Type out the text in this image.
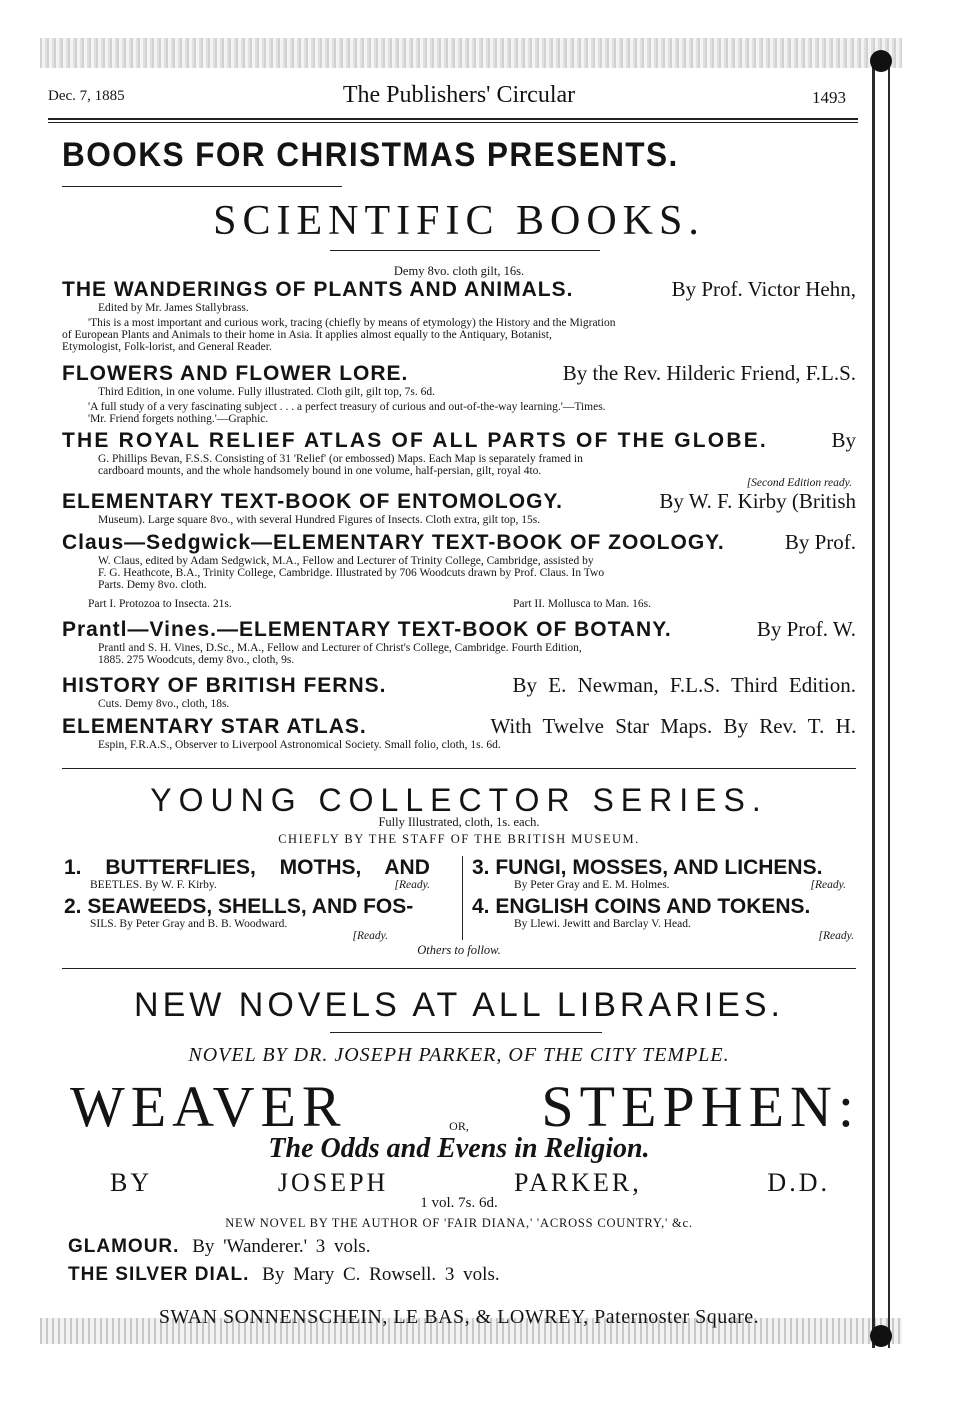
Dec. 7, 1885	The Publishers' Circular	1493
BOOKS FOR CHRISTMAS PRESENTS.
SCIENTIFIC BOOKS.
Demy 8vo. cloth gilt, 16s.
THE WANDERINGS OF PLANTS AND ANIMALS.	By Prof. Victor Hehn,
Edited by Mr. James Stallybrass.
'This is a most important and curious work, tracing (chiefly by means of etymology) the History and the Migration
of European Plants and Animals to their home in Asia. It applies almost equally to the Antiquary, Botanist,
Etymologist, Folk-lorist, and General Reader.
FLOWERS AND FLOWER LORE.	By the Rev. Hilderic Friend, F.L.S.
Third Edition, in one volume. Fully illustrated. Cloth gilt, gilt top, 7s. 6d.
'A full study of a very fascinating subject . . . a perfect treasury of curious and out-of-the-way learning.'—Times.
'Mr. Friend forgets nothing.'—Graphic.
THE ROYAL RELIEF ATLAS OF ALL PARTS OF THE GLOBE.	By
G. Phillips Bevan, F.S.S. Consisting of 31 'Relief' (or embossed) Maps. Each Map is separately framed in
cardboard mounts, and the whole handsomely bound in one volume, half-persian, gilt, royal 4to.
[Second Edition ready.
ELEMENTARY TEXT-BOOK OF ENTOMOLOGY.	By W. F. Kirby (British
Museum). Large square 8vo., with several Hundred Figures of Insects. Cloth extra, gilt top, 15s.
Claus—Sedgwick—ELEMENTARY TEXT-BOOK OF ZOOLOGY.	By Prof.
W. Claus, edited by Adam Sedgwick, M.A., Fellow and Lecturer of Trinity College, Cambridge, assisted by
F. G. Heathcote, B.A., Trinity College, Cambridge. Illustrated by 706 Woodcuts drawn by Prof. Claus. In Two
Parts. Demy 8vo. cloth.
Part I. Protozoa to Insecta. 21s.	Part II. Mollusca to Man. 16s.
Prantl—Vines.—ELEMENTARY TEXT-BOOK OF BOTANY.	By Prof. W.
Prantl and S. H. Vines, D.Sc., M.A., Fellow and Lecturer of Christ's College, Cambridge. Fourth Edition,
1885. 275 Woodcuts, demy 8vo., cloth, 9s.
HISTORY OF BRITISH FERNS.	By E. Newman, F.L.S. Third Edition.
Cuts. Demy 8vo., cloth, 18s.
ELEMENTARY STAR ATLAS.	With Twelve Star Maps. By Rev. T. H.
Espin, F.R.A.S., Observer to Liverpool Astronomical Society. Small folio, cloth, 1s. 6d.
YOUNG COLLECTOR SERIES.
Fully Illustrated, cloth, 1s. each.
CHIEFLY BY THE STAFF OF THE BRITISH MUSEUM.
1. BUTTERFLIES, MOTHS, AND
BEETLES. By W. F. Kirby.	[Ready.
2. SEAWEEDS, SHELLS, AND FOS-
SILS. By Peter Gray and B. B. Woodward.
[Ready.
3. FUNGI, MOSSES, AND LICHENS.
By Peter Gray and E. M. Holmes.	[Ready.
4. ENGLISH COINS AND TOKENS.
By Llewi. Jewitt and Barclay V. Head.
[Ready.
Others to follow.
NEW NOVELS AT ALL LIBRARIES.
NOVEL BY DR. JOSEPH PARKER, OF THE CITY TEMPLE.
WEAVER	STEPHEN:
OR,
The Odds and Evens in Religion.
BY	JOSEPH	PARKER,	D.D.
1 vol. 7s. 6d.
NEW NOVEL BY THE AUTHOR OF 'FAIR DIANA,' 'ACROSS COUNTRY,' &c.
GLAMOUR. By 'Wanderer.' 3 vols.
THE SILVER DIAL. By Mary C. Rowsell. 3 vols.
SWAN SONNENSCHEIN, LE BAS, & LOWREY, Paternoster Square.
